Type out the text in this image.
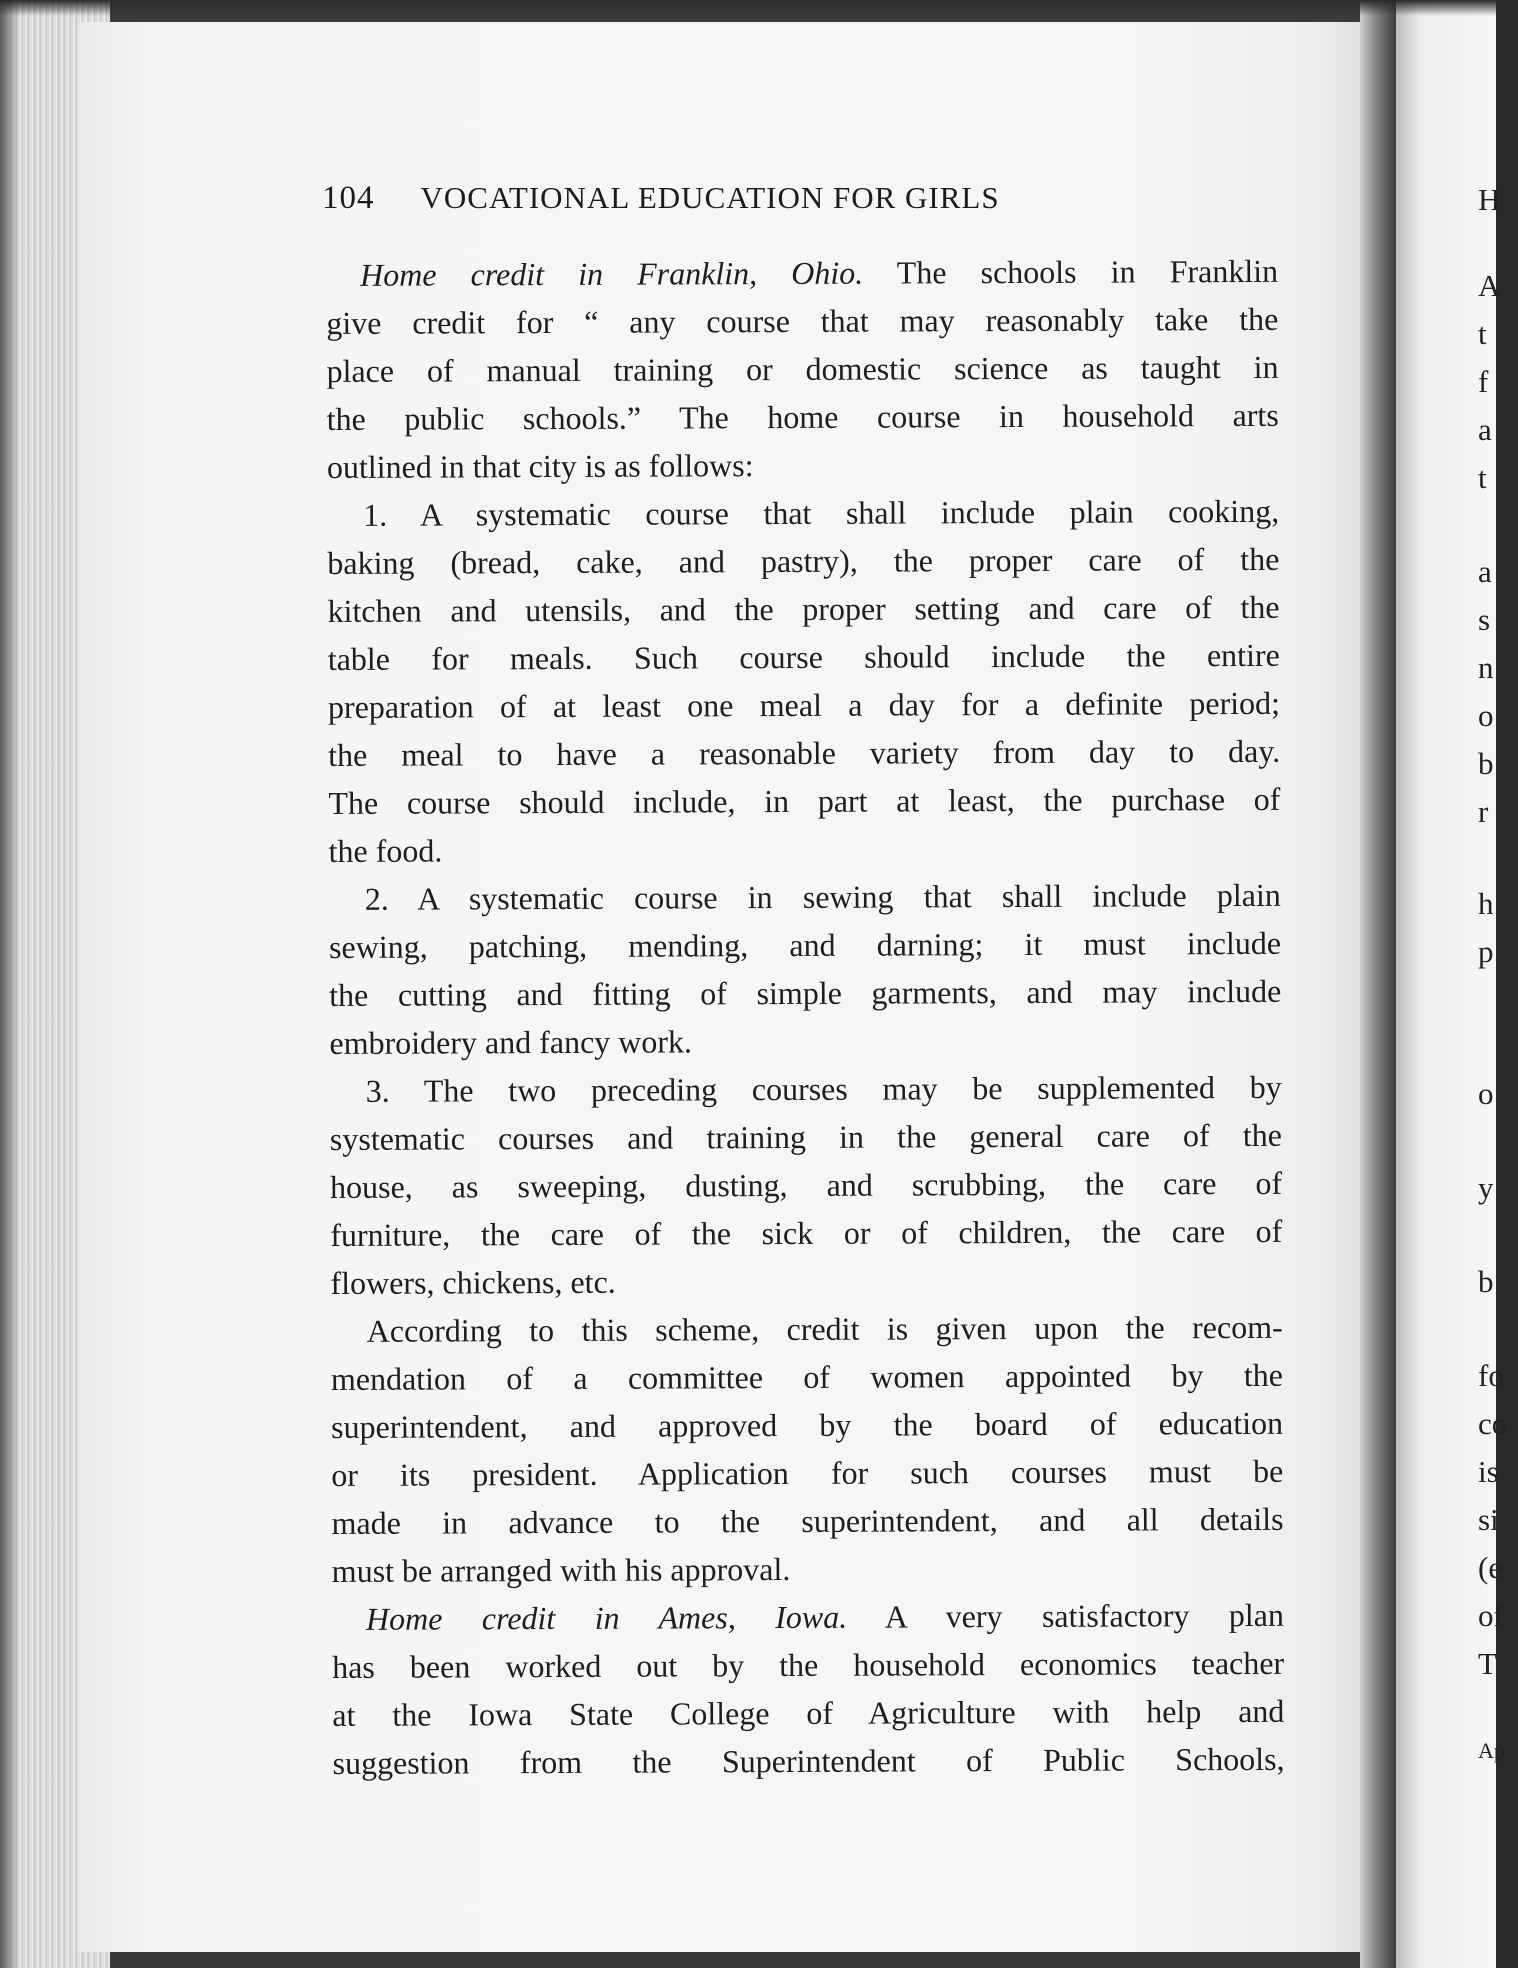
104 VOCATIONAL EDUCATION FOR GIRLS
Home credit in Franklin, Ohio. The schools in Franklin
give credit for “ any course that may reasonably take the
place of manual training or domestic science as taught in
the public schools.” The home course in household arts
outlined in that city is as follows:
1. A systematic course that shall include plain cooking,
baking (bread, cake, and pastry), the proper care of the
kitchen and utensils, and the proper setting and care of the
table for meals. Such course should include the entire
preparation of at least one meal a day for a definite period;
the meal to have a reasonable variety from day to day.
The course should include, in part at least, the purchase of
the food.
2. A systematic course in sewing that shall include plain
sewing, patching, mending, and darning; it must include
the cutting and fitting of simple garments, and may include
embroidery and fancy work.
3. The two preceding courses may be supplemented by
systematic courses and training in the general care of the
house, as sweeping, dusting, and scrubbing, the care of
furniture, the care of the sick or of children, the care of
flowers, chickens, etc.
According to this scheme, credit is given upon the recom-
mendation of a committee of women appointed by the
superintendent, and approved by the board of education
or its president. Application for such courses must be
made in advance to the superintendent, and all details
must be arranged with his approval.
Home credit in Ames, Iowa. A very satisfactory plan
has been worked out by the household economics teacher
at the Iowa State College of Agriculture with help and
suggestion from the Superintendent of Public Schools,
H
A
t
f
a
t
a
s
n
o
b
r
h
p
o
y
b
fo
co
is
si
(e
of
T
Ap
